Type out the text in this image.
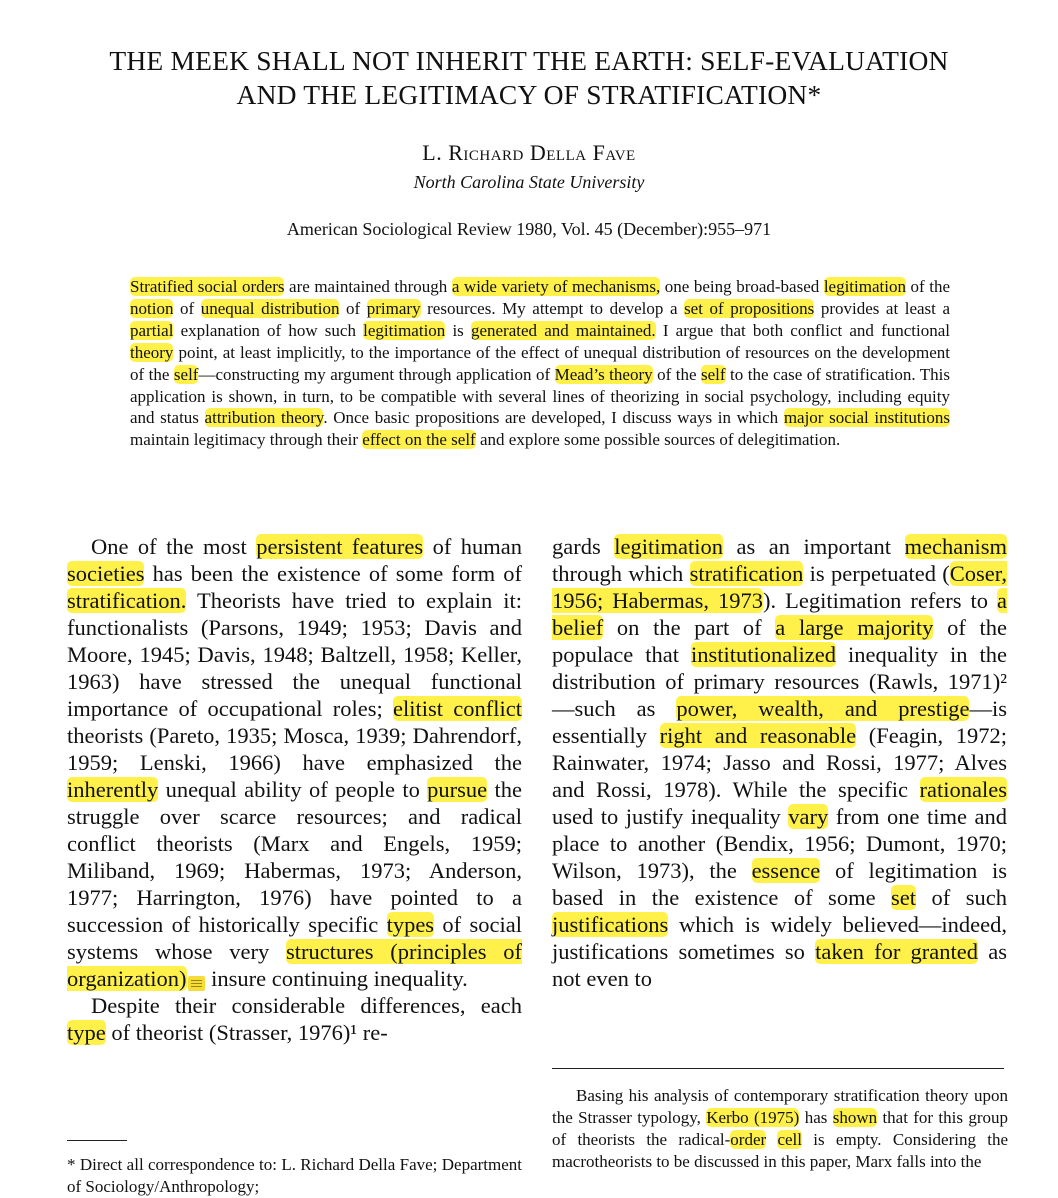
THE MEEK SHALL NOT INHERIT THE EARTH: SELF-EVALUATION
AND THE LEGITIMACY OF STRATIFICATION*
L. Richard Della Fave
North Carolina State University
American Sociological Review 1980, Vol. 45 (December):955–971

Stratified social orders are maintained through a wide variety of mechanisms, one being broad-based legitimation of the notion of unequal distribution of primary resources. My attempt to develop a set of propositions provides at least a partial explanation of how such legitimation is generated and maintained. I argue that both conflict and functional theory point, at least implicitly, to the importance of the effect of unequal distribution of resources on the development of the self—constructing my argument through application of Mead’s theory of the self to the case of stratification. This application is shown, in turn, to be compatible with several lines of theorizing in social psychology, including equity and status attribution theory. Once basic propositions are developed, I discuss ways in which major social institutions maintain legitimacy through their effect on the self and explore some possible sources of delegitimation.

One of the most persistent features of human societies has been the existence of some form of stratification. Theorists have tried to explain it: functionalists (Parsons, 1949; 1953; Davis and Moore, 1945; Davis, 1948; Baltzell, 1958; Keller, 1963) have stressed the unequal functional importance of occupational roles; elitist conflict theorists (Pareto, 1935; Mosca, 1939; Dahrendorf, 1959; Lenski, 1966) have emphasized the inherently unequal ability of people to pursue the struggle over scarce resources; and radical conflict theorists (Marx and Engels, 1959; Miliband, 1969; Habermas, 1973; Anderson, 1977; Harrington, 1976) have pointed to a succession of historically specific types of social systems whose very structures (principles of organization) insure continuing inequality.

Despite their considerable differences, each type of theorist (Strasser, 1976)¹ re-

gards legitimation as an important mechanism through which stratification is perpetuated (Coser, 1956; Habermas, 1973). Legitimation refers to a belief on the part of a large majority of the populace that institutionalized inequality in the distribution of primary resources (Rawls, 1971)²—such as power, wealth, and prestige—is essentially right and reasonable (Feagin, 1972; Rainwater, 1974; Jasso and Rossi, 1977; Alves and Rossi, 1978). While the specific rationales used to justify inequality vary from one time and place to another (Bendix, 1956; Dumont, 1970; Wilson, 1973), the essence of legitimation is based in the existence of some set of such justifications which is widely believed—indeed, justifications sometimes so taken for granted as not even to

* Direct all correspondence to: L. Richard Della Fave; Department of Sociology/Anthropology;

Basing his analysis of contemporary stratification theory upon the Strasser typology, Kerbo (1975) has shown that for this group of theorists the radical-order cell is empty. Considering the macrotheorists to be discussed in this paper, Marx falls into the
